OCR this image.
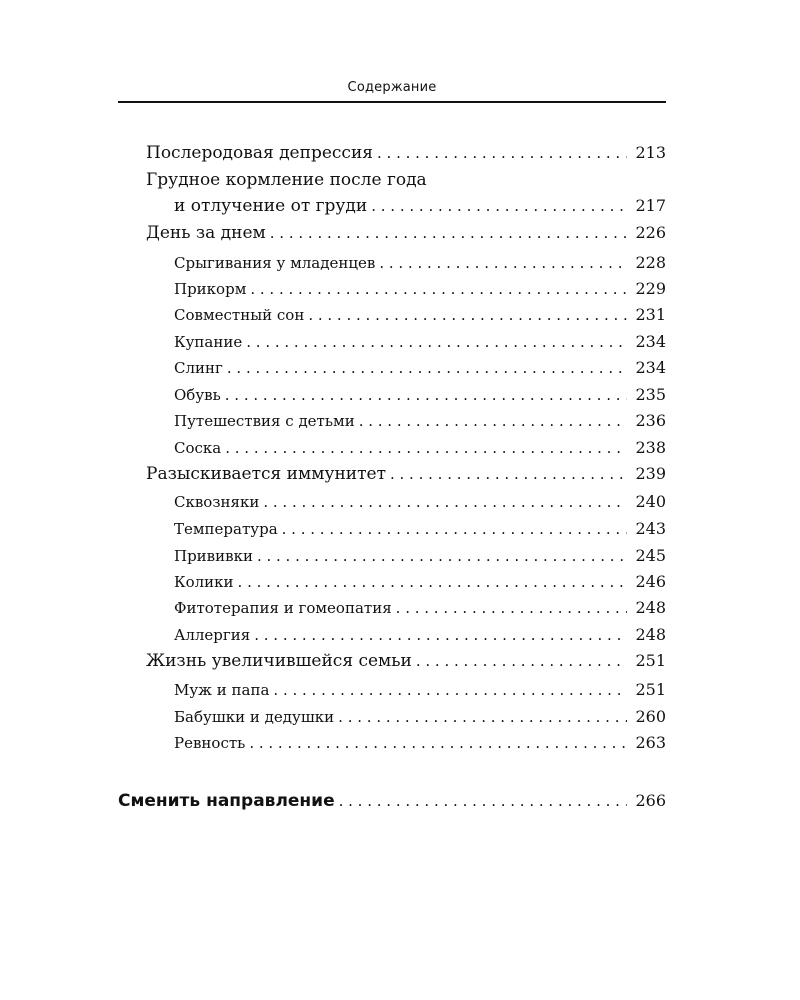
Содержание
Послеродовая депрессия . . .	213
Грудное кормление после года
и отлучение от груди . . .	217
День за днем . . .	226
Срыгивания у младенцев . . .	228
Прикорм . . .	229
Совместный сон . . .	231
Купание . . .	234
Слинг . . .	234
Обувь . . .	235
Путешествия с детьми . . .	236
Соска . . .	238
Разыскивается иммунитет . . .	239
Сквозняки . . .	240
Температура . . .	243
Прививки . . .	245
Колики . . .	246
Фитотерапия и гомеопатия . . .	248
Аллергия . . .	248
Жизнь увеличившейся семьи . . .	251
Муж и папа . . .	251
Бабушки и дедушки . . .	260
Ревность . . .	263
Сменить направление . . .	266
